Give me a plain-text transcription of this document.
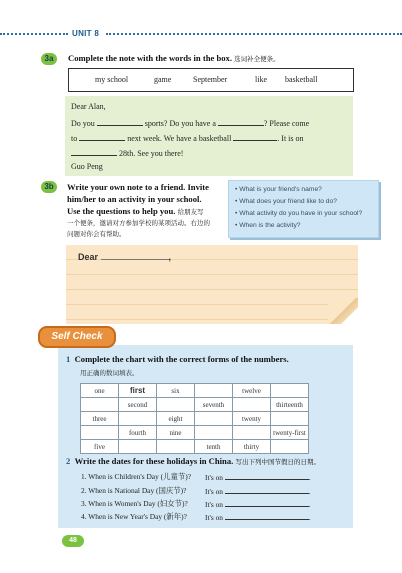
UNIT 8
3a	Complete the note with the words in the box. 选词补全便条。
my school	game	September	like basketball
Dear Alan,
Do you	sports? Do you have a	? Please come
to	next week. We have a basketball	. It is on
28th. See you there!
Guo Peng
3b	Write your own note to a friend. Invite
him/her to an activity in your school.
Use the questions to help you. 给朋友写
一个便条，邀请对方参加学校的某项活动。右边的
问题对你会有帮助。
• What is your friend's name?
• What does your friend like to do?
• What activity do you have in your school?
• When is the activity?
Dear	,
Self Check
1 Complete the chart with the correct forms of the numbers.
用正确的数词填表。
one	first	six		twelve	
	second		seventh		thirteenth
three		eight		twenty	
	fourth	nine			twenty-first
five			tenth	thirty	
2 Write the dates for these holidays in China. 写出下列中国节假日的日期。
1. When is Children's Day (儿童节)? It's on	.
2. When is National Day (国庆节)?	It's on	.
3. When is Women's Day (妇女节)? It's on	.
4. When is New Year's Day (新年)? It's on	.
48
